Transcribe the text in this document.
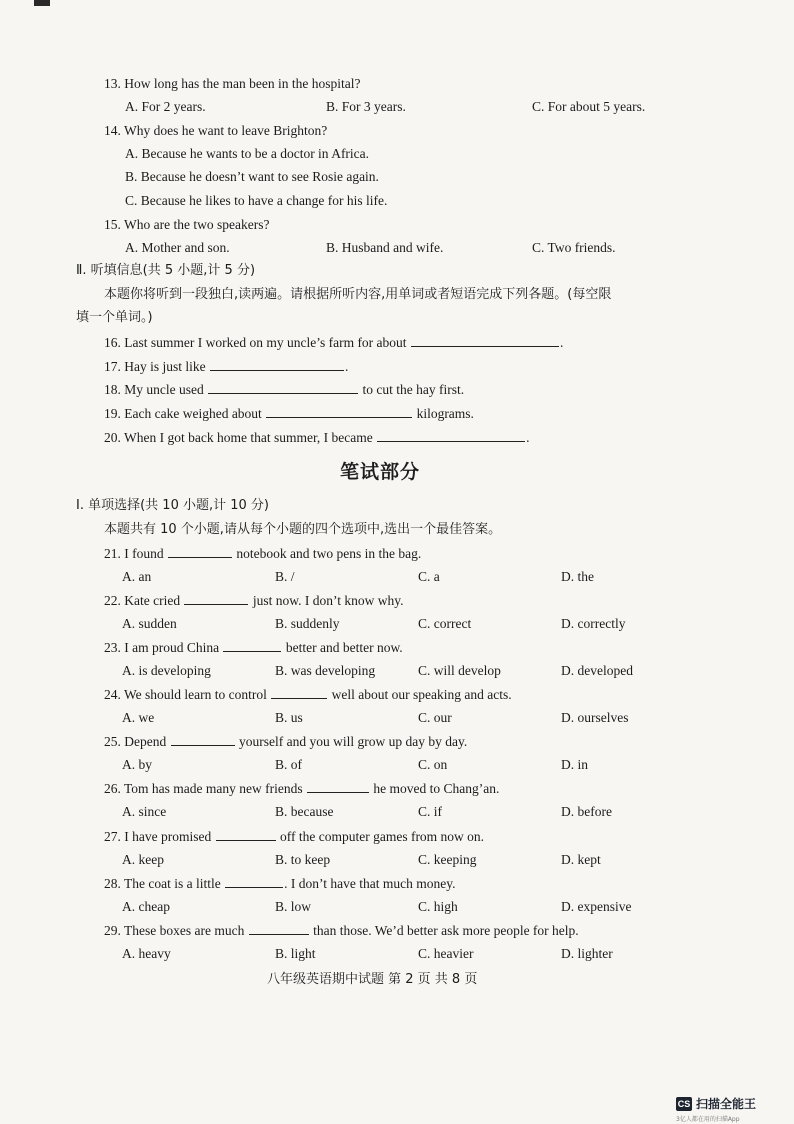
13. How long has the man been in the hospital?
A. For 2 years.	B. For 3 years.	C. For about 5 years.
14. Why does he want to leave Brighton?
A. Because he wants to be a doctor in Africa.
B. Because he doesn’t want to see Rosie again.
C. Because he likes to have a change for his life.
15. Who are the two speakers?
A. Mother and son.	B. Husband and wife.	C. Two friends.
Ⅱ. 听填信息(共 5 小题,计 5 分)
本题你将听到一段独白,读两遍。请根据所听内容,用单词或者短语完成下列各题。(每空限
填一个单词。)
16. Last summer I worked on my uncle’s farm for about	.
17. Hay is just like	.
18. My uncle used	to cut the hay first.
19. Each cake weighed about	kilograms.
20. When I got back home that summer, I became	.
笔试部分
Ⅰ. 单项选择(共 10 小题,计 10 分)
本题共有 10 个小题,请从每个小题的四个选项中,选出一个最佳答案。
21. I found	notebook and two pens in the bag.
A. an	B. /	C. a	D. the
22. Kate cried	just now. I don’t know why.
A. sudden	B. suddenly	C. correct	D. correctly
23. I am proud China	better and better now.
A. is developing	B. was developing	C. will develop	D. developed
24. We should learn to control	well about our speaking and acts.
A. we	B. us	C. our	D. ourselves
25. Depend	yourself and you will grow up day by day.
A. by	B. of	C. on	D. in
26. Tom has made many new friends	he moved to Chang’an.
A. since	B. because	C. if	D. before
27. I have promised	off the computer games from now on.
A. keep	B. to keep	C. keeping	D. kept
28. The coat is a little	. I don’t have that much money.
A. cheap	B. low	C. high	D. expensive
29. These boxes are much	than those. We’d better ask more people for help.
A. heavy	B. light	C. heavier	D. lighter
八年级英语期中试题 第 2 页 共 8 页
CS 扫描全能王
3亿人都在用的扫描App
